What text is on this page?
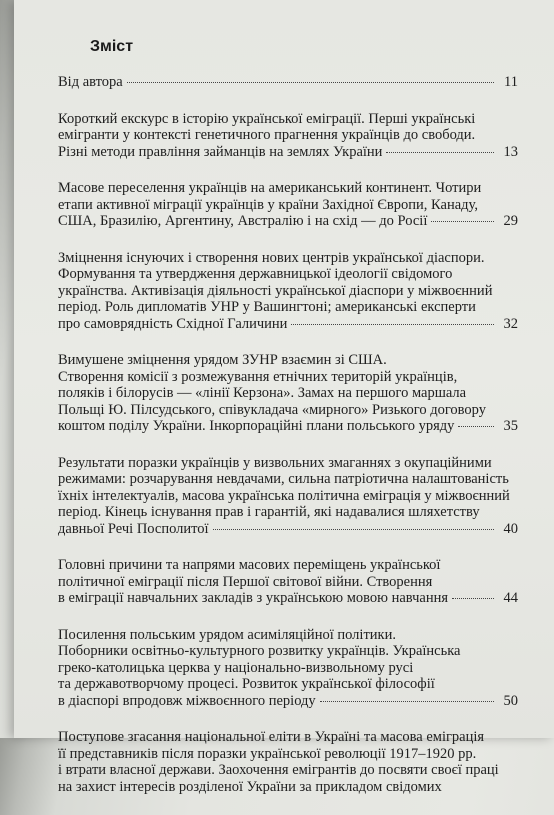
Зміст
Від автора	11
Короткий екскурс в історію української еміграції. Перші українські
емігранти у контексті генетичного прагнення українців до свободи.
Різні методи правління займанців на землях України	13
Масове переселення українців на американський континент. Чотири
етапи активної міграції українців у країни Західної Європи, Канаду,
США, Бразилію, Аргентину, Австралію і на схід — до Росії	29
Зміцнення існуючих і створення нових центрів української діаспори.
Формування та утвердження державницької ідеології свідомого
українства. Активізація діяльності української діаспори у міжвоєнний
період. Роль дипломатів УНР у Вашингтоні; американські експерти
про самоврядність Східної Галичини	32
Вимушене зміцнення урядом ЗУНР взаємин зі США.
Створення комісії з розмежування етнічних територій українців,
поляків і білорусів — «лінії Керзона». Замах на першого маршала
Польщі Ю. Пілсудського, співукладача «мирного» Ризького договору
коштом поділу України. Інкорпораційні плани польського уряду	35
Результати поразки українців у визвольних змаганнях з окупаційними
режимами: розчарування невдачами, сильна патріотична налаштованість
їхніх інтелектуалів, масова українська політична еміграція у міжвоєнний
період. Кінець існування прав і гарантій, які надавалися шляхетству
давньої Речі Посполитої	40
Головні причини та напрями масових переміщень української
політичної еміграції після Першої світової війни. Створення
в еміграції навчальних закладів з українською мовою навчання	44
Посилення польським урядом асиміляційної політики.
Поборники освітньо-культурного розвитку українців. Українська
греко-католицька церква у національно-визвольному русі
та державотворчому процесі. Розвиток української філософії
в діаспорі впродовж міжвоєнного періоду	50
Поступове згасання національної еліти в Україні та масова еміграція
її представників після поразки української революції 1917–1920 рр.
і втрати власної держави. Заохочення емігрантів до посвяти своєї праці
на захист інтересів розділеної України за прикладом свідомих
